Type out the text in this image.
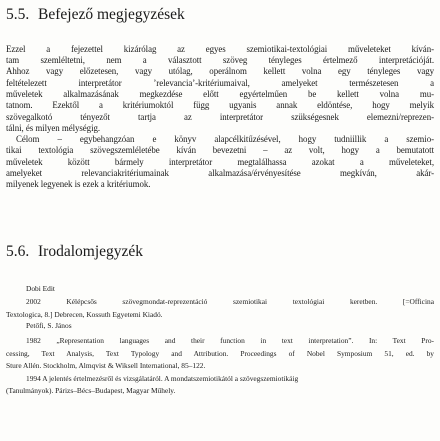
5.5. Befejező megjegyzések
Ezzel a fejezettel kizárólag az egyes szemiotikai-textológiai műveleteket kíván-
tam szemléltetni, nem a választott szöveg tényleges értelmező interpretációját.
Ahhoz vagy előzetesen, vagy utólag, operálnom kellett volna egy tényleges vagy
feltételezett interpretátor ’relevancia’-kritériumaival, amelyeket természetesen a
műveletek alkalmazásának megkezdése előtt egyértelműen be kellett volna mu-
tatnom. Ezektől a kritériumoktól függ ugyanis annak eldöntése, hogy melyik
szövegalkotó tényezőt tartja az interpretátor szükségesnek elemezni/reprezen-
tálni, és milyen mélységig.
Célom – egybehangzóan e könyv alapcélkitűzésével, hogy tudniillik a szemio-
tikai textológia szövegszemléletébe kíván bevezetni – az volt, hogy a bemutatott
műveletek között bármely interpretátor megtalálhassa azokat a műveleteket,
amelyeket relevanciakritériumainak alkalmazása/érvényesítése megkíván, akár-
milyenek legyenek is ezek a kritériumok.
5.6. Irodalomjegyzék
Dobi Edit
2002 Kélépcsős szövegmondat-reprezentáció szemiotikai textológiai keretben. [=Officina
Textologica, 8.] Debrecen, Kossuth Egyetemi Kiadó.
Petőfi, S. János
1982 „Representation languages and their function in text interpretation”. In: Text Pro-
cessing, Text Analysis, Text Typology and Attribution. Proceedings of Nobel Symposium 51, ed. by
Sture Allén. Stockholm, Almqvist & Wiksell International, 85–122.
1994 A jelentés értelmezésről és vizsgálatáról. A mondatszemiotikától a szövegszemiotikáig
(Tanulmányok). Párizs–Bécs–Budapest, Magyar Műhely.
